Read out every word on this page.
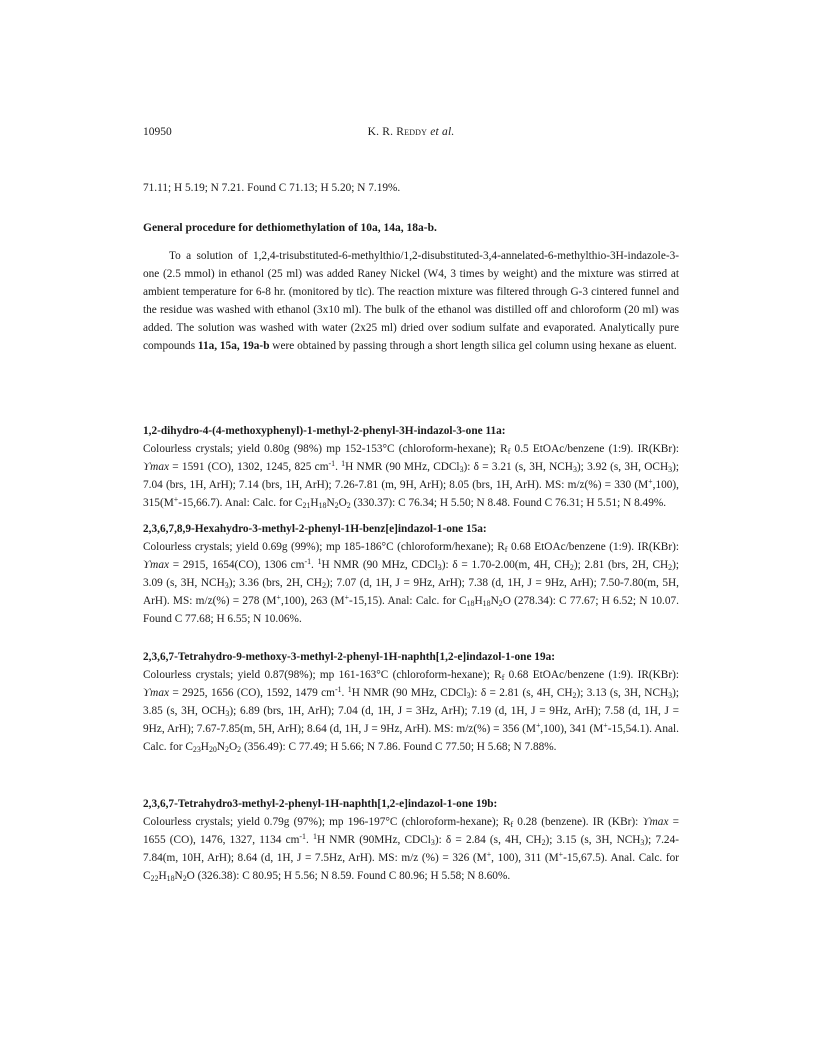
10950	K. R. Reddy et al.
71.11; H 5.19; N 7.21. Found C 71.13; H 5.20; N 7.19%.
General procedure for dethiomethylation of 10a, 14a, 18a-b.
To a solution of 1,2,4-trisubstituted-6-methylthio/1,2-disubstituted-3,4-annelated-6-methylthio-3H-indazole-3-one (2.5 mmol) in ethanol (25 ml) was added Raney Nickel (W4, 3 times by weight) and the mixture was stirred at ambient temperature for 6-8 hr. (monitored by tlc). The reaction mixture was filtered through G-3 cintered funnel and the residue was washed with ethanol (3x10 ml). The bulk of the ethanol was distilled off and chloroform (20 ml) was added. The solution was washed with water (2x25 ml) dried over sodium sulfate and evaporated. Analytically pure compounds 11a, 15a, 19a-b were obtained by passing through a short length silica gel column using hexane as eluent.

1,2-dihydro-4-(4-methoxyphenyl)-1-methyl-2-phenyl-3H-indazol-3-one 11a:

Colourless crystals; yield 0.80g (98%) mp 152-153°C (chloroform-hexane); $R_f$ 0.5 EtOAc/benzene (1:9). IR(KBr): ϒmax = 1591 (CO), 1302, 1245, 825 $cm^{-1}$. $^1$H NMR (90 MHz, CDCl$_3$): δ = 3.21 (s, 3H, $NCH_3$); 3.92 (s, 3H, $OCH_3$); 7.04 (brs, 1H, ArH); 7.14 (brs, 1H, ArH); 7.26-7.81 (m, 9H, ArH); 8.05 (brs, 1H, ArH). MS: m/z(%) = 330 (M+,100), 315(M+-15,66.7). Anal: Calc. for $C_{21}H_{18}N_2O_2$ (330.37): C 76.34; H 5.50; N 8.48. Found C 76.31; H 5.51; N 8.49%.

2,3,6,7,8,9-Hexahydro-3-methyl-2-phenyl-1H-benz[e]indazol-1-one 15a:

Colourless crystals; yield 0.69g (99%); mp 185-186°C (chloroform/hexane); $R_f$ 0.68 EtOAc/benzene (1:9). IR(KBr): ϒmax = 2915, 1654(CO), 1306 $cm^{-1}$. $^1$H NMR (90 MHz, CDCl$_3$): δ = 1.70-2.00(m, 4H, $CH_2$); 2.81 (brs, 2H, $CH_2$); 3.09 (s, 3H, $NCH_3$); 3.36 (brs, 2H, $CH_2$); 7.07 (d, 1H, J = 9Hz, ArH); 7.38 (d, 1H, J = 9Hz, ArH); 7.50-7.80(m, 5H, ArH). MS: m/z(%) = 278 (M+,100), 263 (M+-15,15). Anal: Calc. for $C_{18}H_{18}N_2O$ (278.34): C 77.67; H 6.52; N 10.07. Found C 77.68; H 6.55; N 10.06%.

2,3,6,7-Tetrahydro-9-methoxy-3-methyl-2-phenyl-1H-naphth[1,2-e]indazol-1-one 19a:

Colourless crystals; yield 0.87(98%); mp 161-163°C (chloroform-hexane); $R_f$ 0.68 EtOAc/benzene (1:9). IR(KBr): ϒmax = 2925, 1656 (CO), 1592, 1479 $cm^{-1}$. $^1$H NMR (90 MHz, CDCl$_3$): δ = 2.81 (s, 4H, $CH_2$); 3.13 (s, 3H, $NCH_3$); 3.85 (s, 3H, $OCH_3$); 6.89 (brs, 1H, ArH); 7.04 (d, 1H, J = 3Hz, ArH); 7.19 (d, 1H, J = 9Hz, ArH); 7.58 (d, 1H, J = 9Hz, ArH); 7.67-7.85(m, 5H, ArH); 8.64 (d, 1H, J = 9Hz, ArH). MS: m/z(%) = 356 (M+,100), 341 (M+-15,54.1). Anal. Calc. for $C_{23}H_{20}N_2O_2$ (356.49): C 77.49; H 5.66; N 7.86. Found C 77.50; H 5.68; N 7.88%.

2,3,6,7-Tetrahydro3-methyl-2-phenyl-1H-naphth[1,2-e]indazol-1-one 19b:

Colourless crystals; yield 0.79g (97%); mp 196-197°C (chloroform-hexane); $R_f$ 0.28 (benzene). IR (KBr): ϒmax = 1655 (CO), 1476, 1327, 1134 $cm^{-1}$. $^1$H NMR (90MHz, CDCl$_3$): δ = 2.84 (s, 4H, $CH_2$); 3.15 (s, 3H, $NCH_3$); 7.24-7.84(m, 10H, ArH); 8.64 (d, 1H, J = 7.5Hz, ArH). MS: m/z (%) = 326 (M+, 100), 311 (M+-15,67.5). Anal. Calc. for $C_{22}H_{18}N_2O$ (326.38): C 80.95; H 5.56; N 8.59. Found C 80.96; H 5.58; N 8.60%.
